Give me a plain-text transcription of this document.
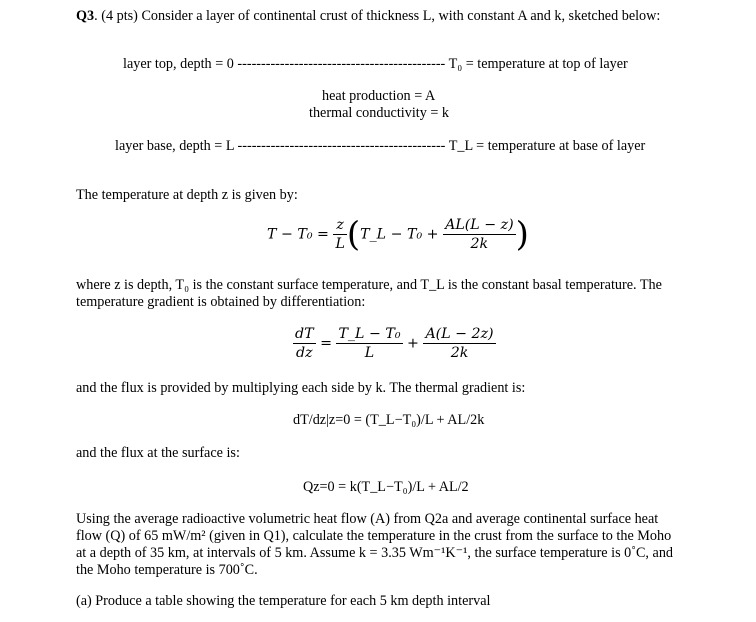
Q3. (4 pts) Consider a layer of continental crust of thickness L, with constant A and k, sketched below:
layer top, depth = 0 -------------------------------------------- T₀ = temperature at top of layer
heat production = A
thermal conductivity = k
layer base, depth = L -------------------------------------------- T_L = temperature at base of layer
The temperature at depth z is given by:
$T - T_0 = \frac{z}{L}$ (T_L − $T_0 + \frac{AL(L - z)}{2k}$ )
where z is depth, T₀ is the constant surface temperature, and T_L is the constant basal temperature. The temperature gradient is obtained by differentiation:
$\frac{dT}{dz} = \frac{\text{T\_L − T₀}}{L} + \frac{A(L - 2z)}{2k}$
and the flux is provided by multiplying each side by k. The thermal gradient is:
dT/dz|z=0 = (T_L−T₀)/L + AL/2k
and the flux at the surface is:
Qz=0 = k(T_L−T₀)/L + AL/2
Using the average radioactive volumetric heat flow (A) from Q2a and average continental surface heat flow (Q) of 65 mW/m² (given in Q1), calculate the temperature in the crust from the surface to the Moho at a depth of 35 km, at intervals of 5 km. Assume k = 3.35 Wm⁻¹K⁻¹, the surface temperature is 0˚C, and the Moho temperature is 700˚C.
(a) Produce a table showing the temperature for each 5 km depth interval
